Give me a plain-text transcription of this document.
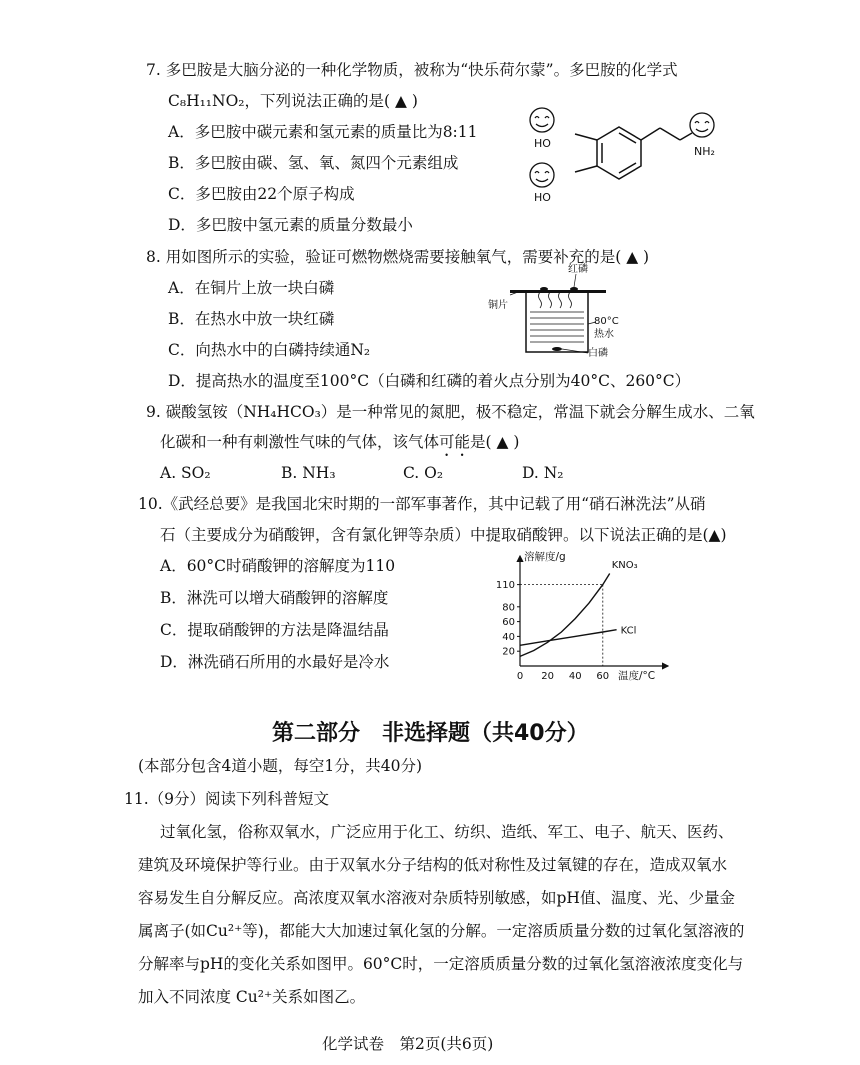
7. 多巴胺是大脑分泌的一种化学物质，被称为“快乐荷尔蒙”。多巴胺的化学式
C₈H₁₁NO₂，下列说法正确的是( ▲ )
A．多巴胺中碳元素和氢元素的质量比为8:11
B．多巴胺由碳、氢、氧、氮四个元素组成
C．多巴胺由22个原子构成
D．多巴胺中氢元素的质量分数最小
HO
HO
NH₂
8. 用如图所示的实验，验证可燃物燃烧需要接触氧气，需要补充的是( ▲ )
A．在铜片上放一块白磷
B．在热水中放一块红磷
C．向热水中的白磷持续通N₂
D．提高热水的温度至100°C（白磷和红磷的着火点分别为40°C、260°C）
红磷
铜片
80°C
热水
白磷
9. 碳酸氢铵（NH₄HCO₃）是一种常见的氮肥，极不稳定，常温下就会分解生成水、二氧
化碳和一种有刺激性气味的气体，该气体可能是( ▲ )
A. SO₂	B. NH₃	C. O₂	D. N₂
10.《武经总要》是我国北宋时期的一部军事著作，其中记载了用“硝石淋洗法”从硝
石（主要成分为硝酸钾，含有氯化钾等杂质）中提取硝酸钾。以下说法正确的是(▲)
A．60°C时硝酸钾的溶解度为110
B．淋洗可以增大硝酸钾的溶解度
C．提取硝酸钾的方法是降温结晶
D．淋洗硝石所用的水最好是冷水
溶解度/g
温度/°C
20
40
60
80
110
0 20 40 60
KNO₃
KCl
第二部分　非选择题（共40分）
(本部分包含4道小题，每空1分，共40分)
11.（9分）阅读下列科普短文
过氧化氢，俗称双氧水，广泛应用于化工、纺织、造纸、军工、电子、航天、医药、
建筑及环境保护等行业。由于双氧水分子结构的低对称性及过氧键的存在，造成双氧水
容易发生自分解反应。高浓度双氧水溶液对杂质特别敏感，如pH值、温度、光、少量金
属离子(如Cu²⁺等)，都能大大加速过氧化氢的分解。一定溶质质量分数的过氧化氢溶液的
分解率与pH的变化关系如图甲。60°C时，一定溶质质量分数的过氧化氢溶液浓度变化与
加入不同浓度 Cu²⁺关系如图乙。
化学试卷　第2页(共6页)
